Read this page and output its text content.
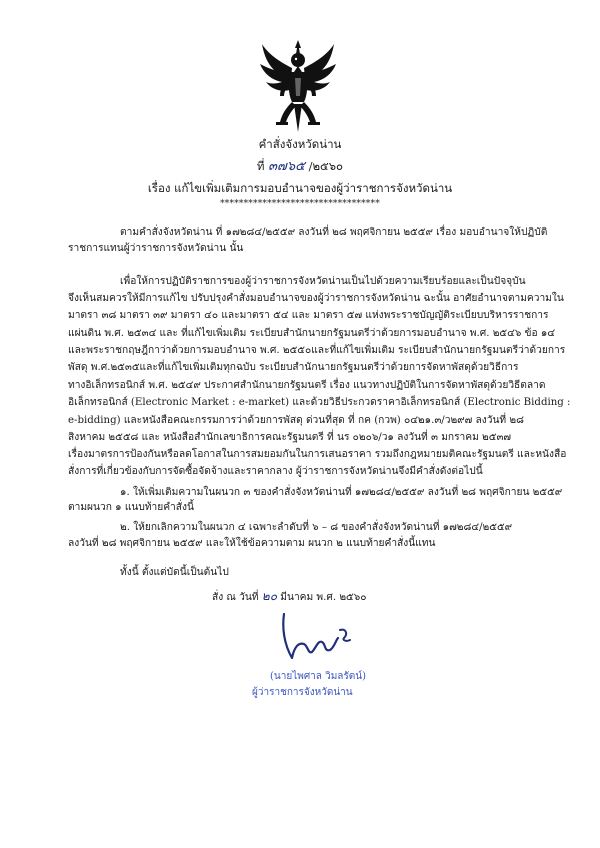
คำสั่งจังหวัดน่าน
ที่ ๓๗๖๕ /๒๕๖๐
เรื่อง แก้ไขเพิ่มเติมการมอบอำนาจของผู้ว่าราชการจังหวัดน่าน
**********************************
ตามคำสั่งจังหวัดน่าน ที่ ๑๗๒๘๔/๒๕๕๙ ลงวันที่ ๒๘ พฤศจิกายน ๒๕๕๙ เรื่อง มอบอำนาจให้ปฏิบัติ
ราชการแทนผู้ว่าราชการจังหวัดน่าน นั้น
เพื่อให้การปฏิบัติราชการของผู้ว่าราชการจังหวัดน่านเป็นไปด้วยความเรียบร้อยและเป็นปัจจุบัน
จึงเห็นสมควรให้มีการแก้ไข ปรับปรุงคำสั่งมอบอำนาจของผู้ว่าราชการจังหวัดน่าน ฉะนั้น อาศัยอำนาจตามความใน
มาตรา ๓๘ มาตรา ๓๙ มาตรา ๔๐ และมาตรา ๕๔ และ มาตรา ๕๗ แห่งพระราชบัญญัติระเบียบบริหารราชการ
แผ่นดิน พ.ศ. ๒๕๓๔ และ ที่แก้ไขเพิ่มเติม ระเบียบสำนักนายกรัฐมนตรีว่าด้วยการมอบอำนาจ พ.ศ. ๒๕๔๖ ข้อ ๑๔
และพระราชกฤษฎีกาว่าด้วยการมอบอำนาจ พ.ศ. ๒๕๕๐และที่แก้ไขเพิ่มเติม ระเบียบสำนักนายกรัฐมนตรีว่าด้วยการ
พัสดุ พ.ศ.๒๕๓๕และที่แก้ไขเพิ่มเติมทุกฉบับ ระเบียบสำนักนายกรัฐมนตรีว่าด้วยการจัดหาพัสดุด้วยวิธีการ
ทางอิเล็กทรอนิกส์ พ.ศ. ๒๕๔๙ ประกาศสำนักนายกรัฐมนตรี เรื่อง แนวทางปฏิบัติในการจัดหาพัสดุด้วยวิธีตลาด
อิเล็กทรอนิกส์ (Electronic Market : e-market) และด้วยวิธีประกวดราคาอิเล็กทรอนิกส์ (Electronic Bidding :
e-bidding) และหนังสือคณะกรรมการว่าด้วยการพัสดุ ด่วนที่สุด ที่ กค (กวพ) ๐๔๒๑.๓/ว๒๙๗ ลงวันที่ ๒๘
สิงหาคม ๒๕๕๘ และ หนังสือสำนักเลขาธิการคณะรัฐมนตรี ที่ นร ๐๒๐๖/ว๑ ลงวันที่ ๓ มกราคม ๒๕๓๗
เรื่องมาตรการป้องกันหรือลดโอกาสในการสมยอมกันในการเสนอราคา รวมถึงกฎหมายมติคณะรัฐมนตรี และหนังสือ
สั่งการที่เกี่ยวข้องกับการจัดซื้อจัดจ้างและราคากลาง ผู้ว่าราชการจังหวัดน่านจึงมีคำสั่งดังต่อไปนี้
๑. ให้เพิ่มเติมความในผนวก ๓ ของคำสั่งจังหวัดน่านที่ ๑๗๒๘๔/๒๕๕๙ ลงวันที่ ๒๘ พฤศจิกายน ๒๕๕๙
ตามผนวก ๑ แนบท้ายคำสั่งนี้
๒. ให้ยกเลิกความในผนวก ๔ เฉพาะลำดับที่ ๖ – ๘ ของคำสั่งจังหวัดน่านที่ ๑๗๒๘๔/๒๕๕๙
ลงวันที่ ๒๘ พฤศจิกายน ๒๕๕๙ และให้ใช้ข้อความตาม ผนวก ๒ แนบท้ายคำสั่งนี้แทน
ทั้งนี้ ตั้งแต่บัดนี้เป็นต้นไป
สั่ง ณ วันที่ ๒๐ มีนาคม พ.ศ. ๒๕๖๐
(นายไพศาล วิมลรัตน์)
ผู้ว่าราชการจังหวัดน่าน
